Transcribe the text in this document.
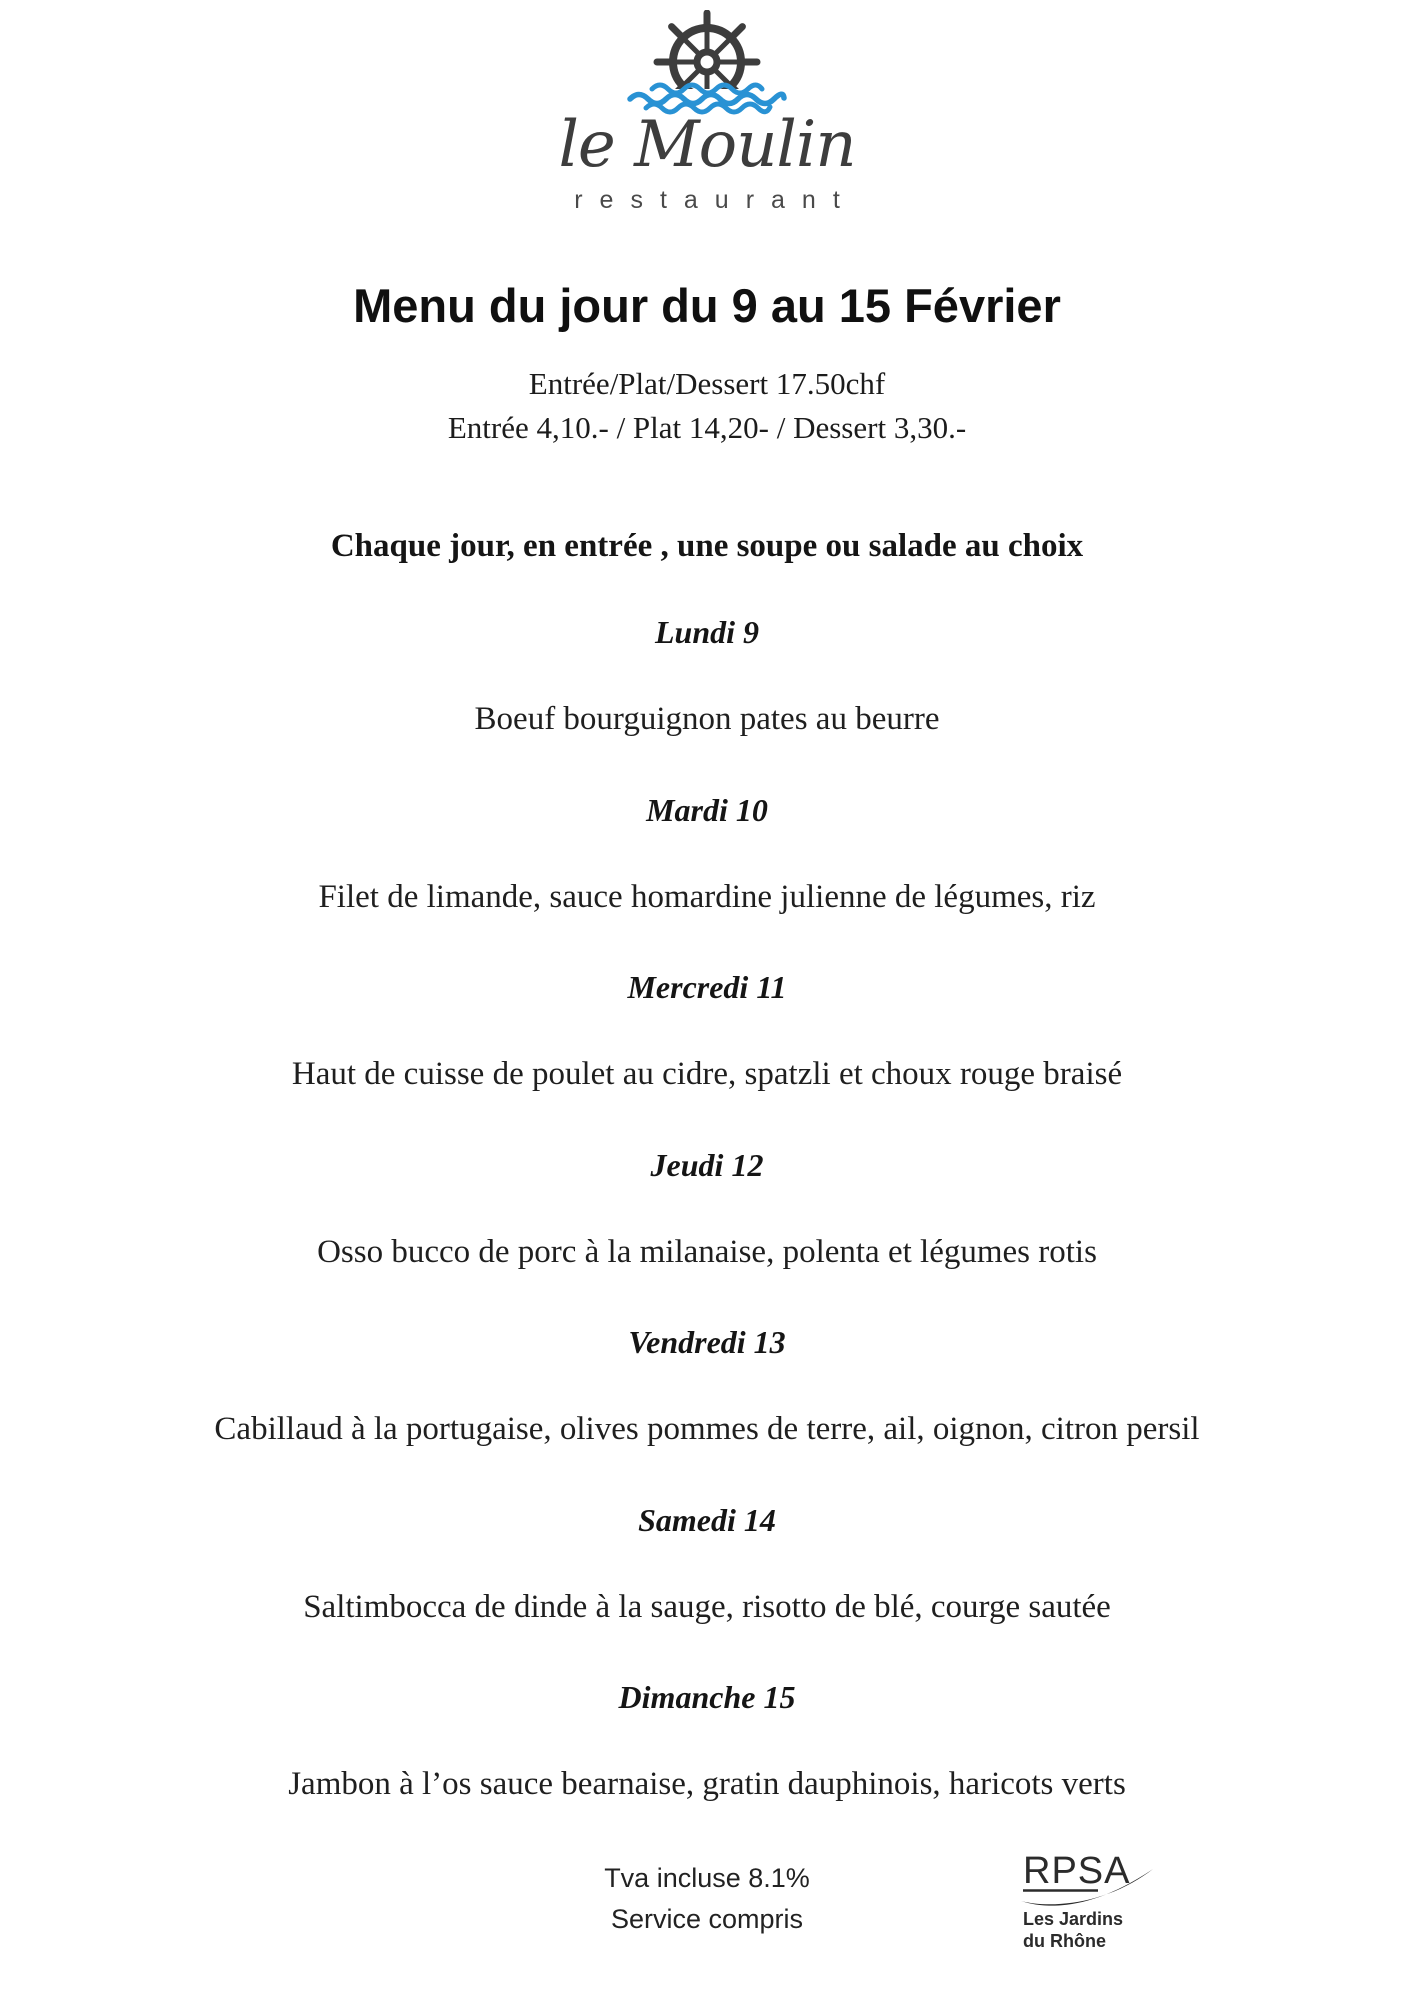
le Moulin
restaurant
Menu du jour du 9 au 15 Février
Entrée/Plat/Dessert 17.50chf
Entrée 4,10.- / Plat 14,20- / Dessert 3,30.-
Chaque jour, en entrée , une soupe ou salade au choix
Lundi 9
Boeuf bourguignon pates au beurre
Mardi 10
Filet de limande, sauce homardine julienne de légumes, riz
Mercredi 11
Haut de cuisse de poulet au cidre, spatzli et choux rouge braisé
Jeudi 12
Osso bucco de porc à la milanaise, polenta et légumes rotis
Vendredi 13
Cabillaud à la portugaise, olives pommes de terre, ail, oignon, citron persil
Samedi 14
Saltimbocca de dinde à la sauge, risotto de blé, courge sautée
Dimanche 15
Jambon à l’os sauce bearnaise, gratin dauphinois, haricots verts
Tva incluse 8.1%
Service compris
RPSA
Les Jardins
du Rhône
